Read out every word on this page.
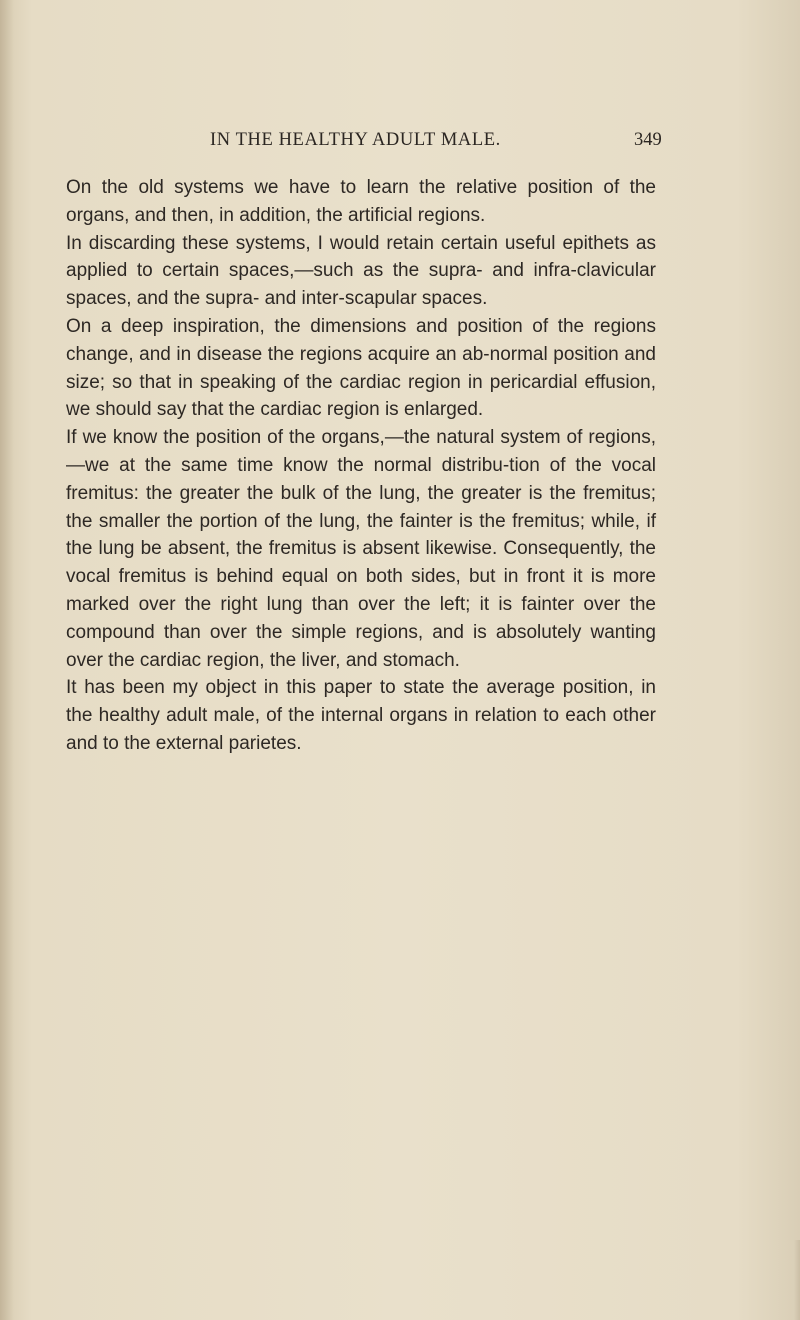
IN THE HEALTHY ADULT MALE.	349

On the old systems we have to learn the relative position of the organs, and then, in addition, the artificial regions.

In discarding these systems, I would retain certain useful epithets as applied to certain spaces,—such as the supra- and infra-clavicular spaces, and the supra- and inter-scapular spaces.

On a deep inspiration, the dimensions and position of the regions change, and in disease the regions acquire an ab-normal position and size; so that in speaking of the cardiac region in pericardial effusion, we should say that the cardiac region is enlarged.

If we know the position of the organs,—the natural system of regions,—we at the same time know the normal distribu-tion of the vocal fremitus: the greater the bulk of the lung, the greater is the fremitus; the smaller the portion of the lung, the fainter is the fremitus; while, if the lung be absent, the fremitus is absent likewise. Consequently, the vocal fremitus is behind equal on both sides, but in front it is more marked over the right lung than over the left; it is fainter over the compound than over the simple regions, and is absolutely wanting over the cardiac region, the liver, and stomach.

It has been my object in this paper to state the average position, in the healthy adult male, of the internal organs in relation to each other and to the external parietes.
